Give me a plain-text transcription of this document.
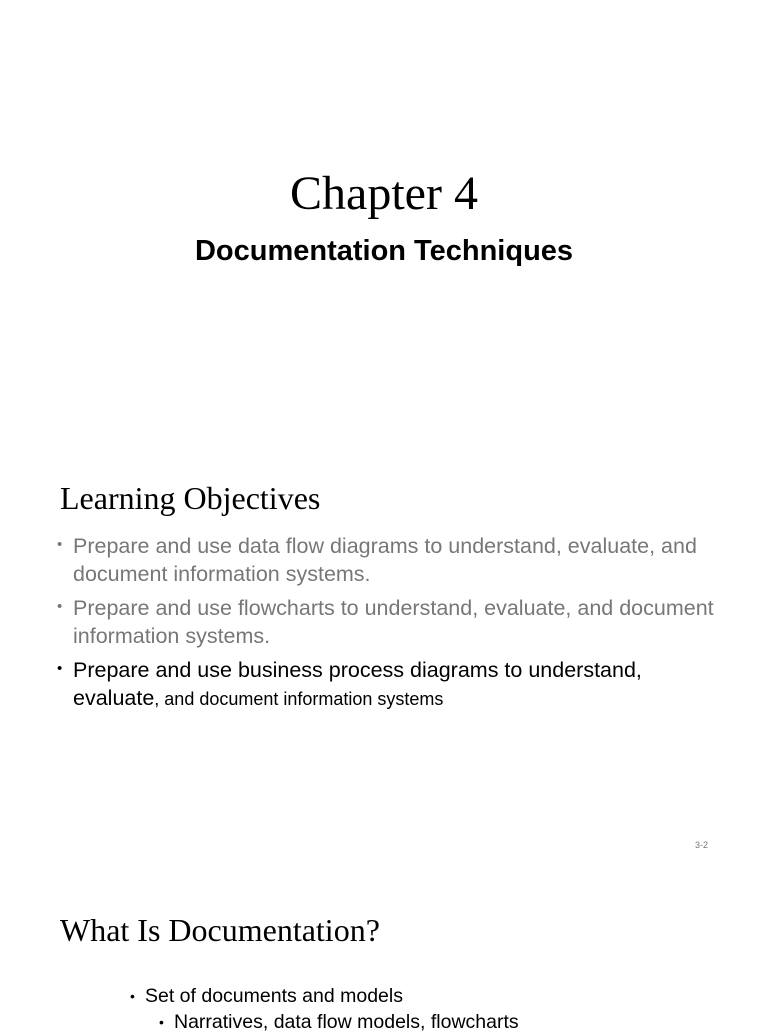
Chapter 4
Documentation Techniques
Learning Objectives
• Prepare and use data flow diagrams to understand, evaluate, and document information systems.
• Prepare and use flowcharts to understand, evaluate, and document information systems.
• Prepare and use business process diagrams to understand, evaluate, and document information systems
3-2
What Is Documentation?
• Set of documents and models
• Narratives, data flow models, flowcharts
